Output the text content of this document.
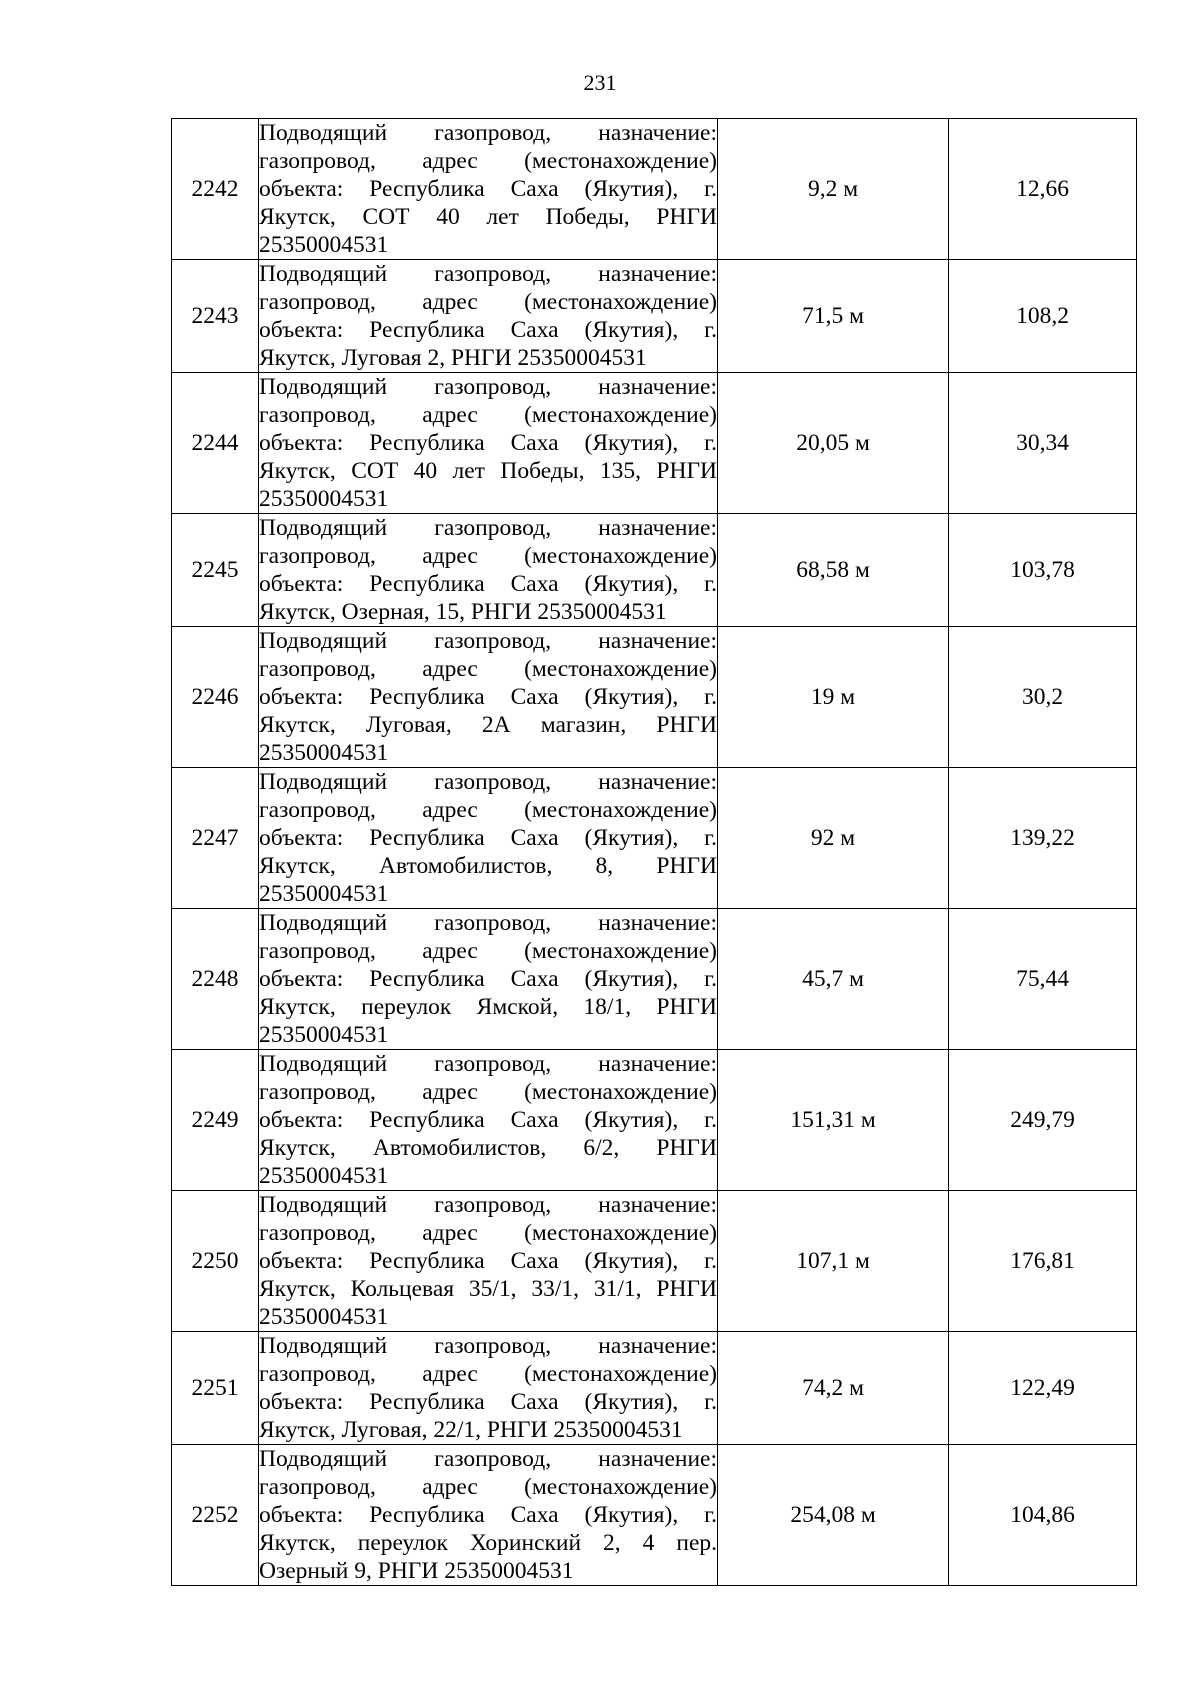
231
2242	Подводящий газопровод, назначение: газопровод, адрес (местонахождение) объекта: Республика Саха (Якутия), г. Якутск, СОТ 40 лет Победы, РНГИ 25350004531	9,2 м	12,66
2243	Подводящий газопровод, назначение: газопровод, адрес (местонахождение) объекта: Республика Саха (Якутия), г. Якутск, Луговая 2, РНГИ 25350004531	71,5 м	108,2
2244	Подводящий газопровод, назначение: газопровод, адрес (местонахождение) объекта: Республика Саха (Якутия), г. Якутск, СОТ 40 лет Победы, 135, РНГИ 25350004531	20,05 м	30,34
2245	Подводящий газопровод, назначение: газопровод, адрес (местонахождение) объекта: Республика Саха (Якутия), г. Якутск, Озерная, 15, РНГИ 25350004531	68,58 м	103,78
2246	Подводящий газопровод, назначение: газопровод, адрес (местонахождение) объекта: Республика Саха (Якутия), г. Якутск, Луговая, 2А магазин, РНГИ 25350004531	19 м	30,2
2247	Подводящий газопровод, назначение: газопровод, адрес (местонахождение) объекта: Республика Саха (Якутия), г. Якутск, Автомобилистов, 8, РНГИ 25350004531	92 м	139,22
2248	Подводящий газопровод, назначение: газопровод, адрес (местонахождение) объекта: Республика Саха (Якутия), г. Якутск, переулок Ямской, 18/1, РНГИ 25350004531	45,7 м	75,44
2249	Подводящий газопровод, назначение: газопровод, адрес (местонахождение) объекта: Республика Саха (Якутия), г. Якутск, Автомобилистов, 6/2, РНГИ 25350004531	151,31 м	249,79
2250	Подводящий газопровод, назначение: газопровод, адрес (местонахождение) объекта: Республика Саха (Якутия), г. Якутск, Кольцевая 35/1, 33/1, 31/1, РНГИ 25350004531	107,1 м	176,81
2251	Подводящий газопровод, назначение: газопровод, адрес (местонахождение) объекта: Республика Саха (Якутия), г. Якутск, Луговая, 22/1, РНГИ 25350004531	74,2 м	122,49
2252	Подводящий газопровод, назначение: газопровод, адрес (местонахождение) объекта: Республика Саха (Якутия), г. Якутск, переулок Хоринский 2, 4 пер. Озерный 9, РНГИ 25350004531	254,08 м	104,86
